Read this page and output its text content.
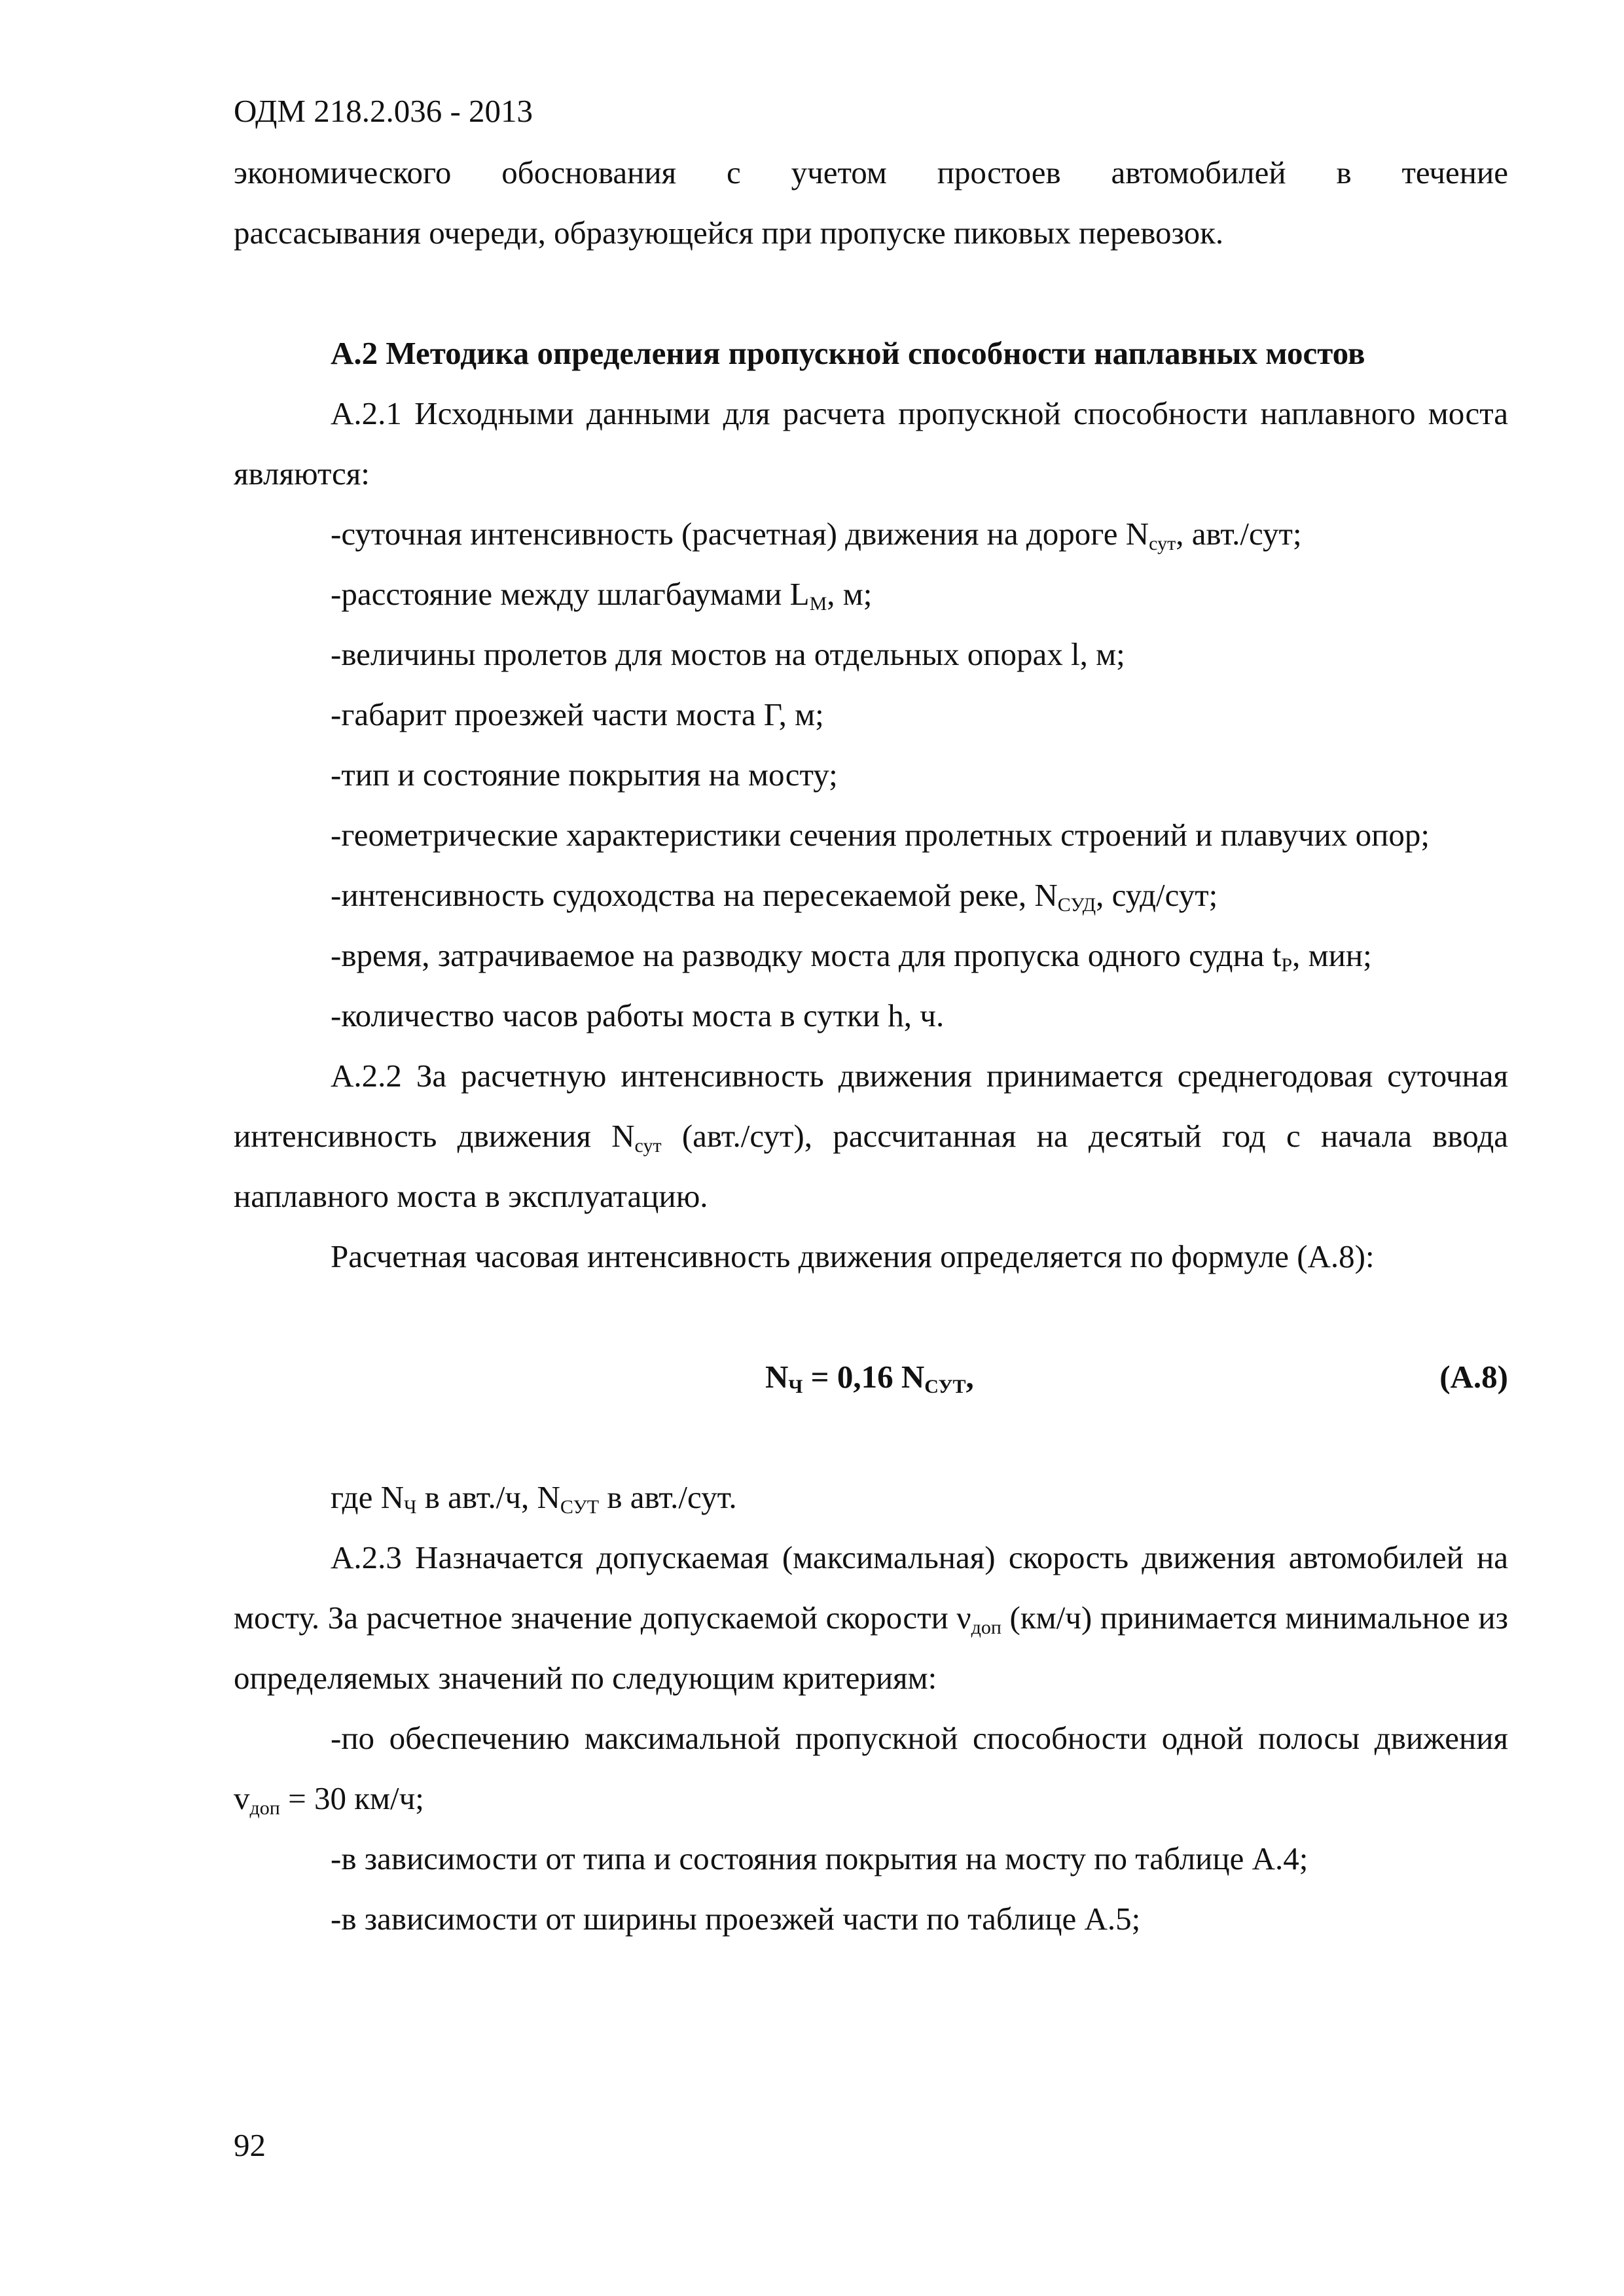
ОДМ 218.2.036 - 2013

экономического обоснования с учетом простоев автомобилей в течение

рассасывания очереди, образующейся при пропуске пиковых перевозок.

А.2 Методика определения пропускной способности наплавных мостов

А.2.1 Исходными данными для расчета пропускной способности наплавного моста являются:

-суточная интенсивность (расчетная) движения на дороге $N_{сут}$, авт./сут;

-расстояние между шлагбаумами $L_М$, м;

-величины пролетов для мостов на отдельных опорах l, м;

-габарит проезжей части моста Г, м;

-тип и состояние покрытия на мосту;

-геометрические характеристики сечения пролетных строений и плавучих опор;

-интенсивность судоходства на пересекаемой реке, $N_{СУД}$, суд/сут;

-время, затрачиваемое на разводку моста для пропуска одного судна $t_Р$, мин;

-количество часов работы моста в сутки h, ч.

А.2.2 За расчетную интенсивность движения принимается среднегодовая суточная интенсивность движения $N_{сут}$ (авт./сут), рассчитанная на десятый год с начала ввода наплавного моста в эксплуатацию.

Расчетная часовая интенсивность движения определяется по формуле (А.8):

$N_Ч = 0,16$ $N_{СУТ}$,	(А.8)

где $N_Ч$ в авт./ч, $N_{СУТ}$ в авт./сут.

А.2.3 Назначается допускаемая (максимальная) скорость движения автомобилей на мосту. За расчетное значение допускаемой скорости $\nu_{доп}$ (км/ч) принимается минимальное из определяемых значений по следующим критериям:

-по обеспечению максимальной пропускной способности одной полосы движения $v_{доп} = 30$ км/ч;

-в зависимости от типа и состояния покрытия на мосту по таблице А.4;

-в зависимости от ширины проезжей части по таблице А.5;

92
